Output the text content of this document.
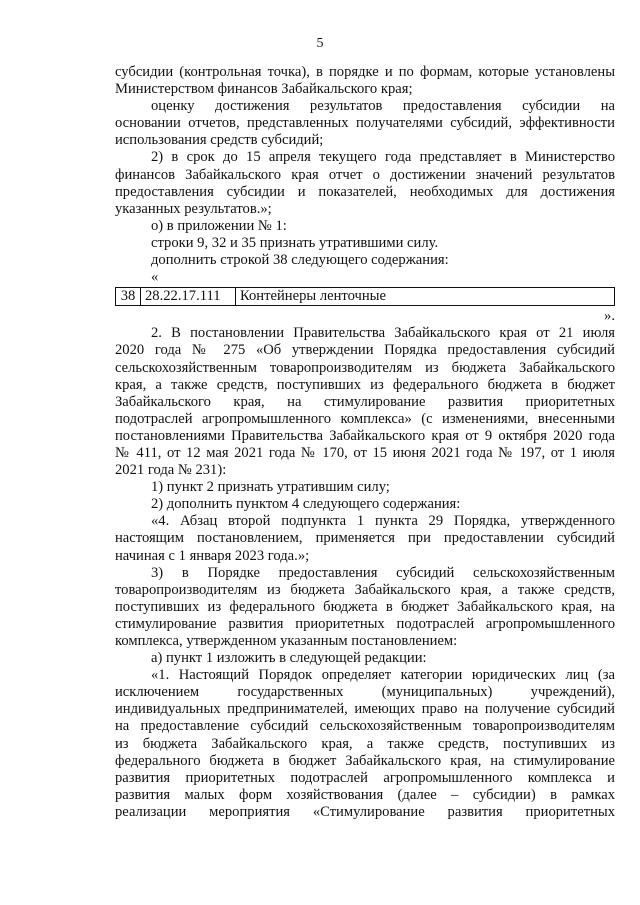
5
субсидии (контрольная точка), в порядке и по формам, которые установлены
Министерством финансов Забайкальского края;
оценку достижения результатов предоставления субсидии на
основании отчетов, представленных получателями субсидий, эффективности
использования средств субсидий;
2) в срок до 15 апреля текущего года представляет в Министерство
финансов Забайкальского края отчет о достижении значений результатов
предоставления субсидии и показателей, необходимых для достижения
указанных результатов.»;
о) в приложении № 1:
строки 9, 32 и 35 признать утратившими силу.
дополнить строкой 38 следующего содержания:
«
38	28.22.17.111	Контейнеры ленточные
».
2. В постановлении Правительства Забайкальского края от 21 июля
2020 года № 275 «Об утверждении Порядка предоставления субсидий
сельскохозяйственным товаропроизводителям из бюджета Забайкальского
края, а также средств, поступивших из федерального бюджета в бюджет
Забайкальского края, на стимулирование развития приоритетных
подотраслей агропромышленного комплекса» (с изменениями, внесенными
постановлениями Правительства Забайкальского края от 9 октября 2020 года
№ 411, от 12 мая 2021 года № 170, от 15 июня 2021 года № 197, от 1 июля
2021 года № 231):
1) пункт 2 признать утратившим силу;
2) дополнить пунктом 4 следующего содержания:
«4. Абзац второй подпункта 1 пункта 29 Порядка, утвержденного
настоящим постановлением, применяется при предоставлении субсидий
начиная с 1 января 2023 года.»;
3) в Порядке предоставления субсидий сельскохозяйственным
товаропроизводителям из бюджета Забайкальского края, а также средств,
поступивших из федерального бюджета в бюджет Забайкальского края, на
стимулирование развития приоритетных подотраслей агропромышленного
комплекса, утвержденном указанным постановлением:
а) пункт 1 изложить в следующей редакции:
«1. Настоящий Порядок определяет категории юридических лиц (за
исключением государственных (муниципальных) учреждений),
индивидуальных предпринимателей, имеющих право на получение субсидий
на предоставление субсидий сельскохозяйственным товаропроизводителям
из бюджета Забайкальского края, а также средств, поступивших из
федерального бюджета в бюджет Забайкальского края, на стимулирование
развития приоритетных подотраслей агропромышленного комплекса и
развития малых форм хозяйствования (далее – субсидии) в рамках
реализации мероприятия «Стимулирование развития приоритетных
